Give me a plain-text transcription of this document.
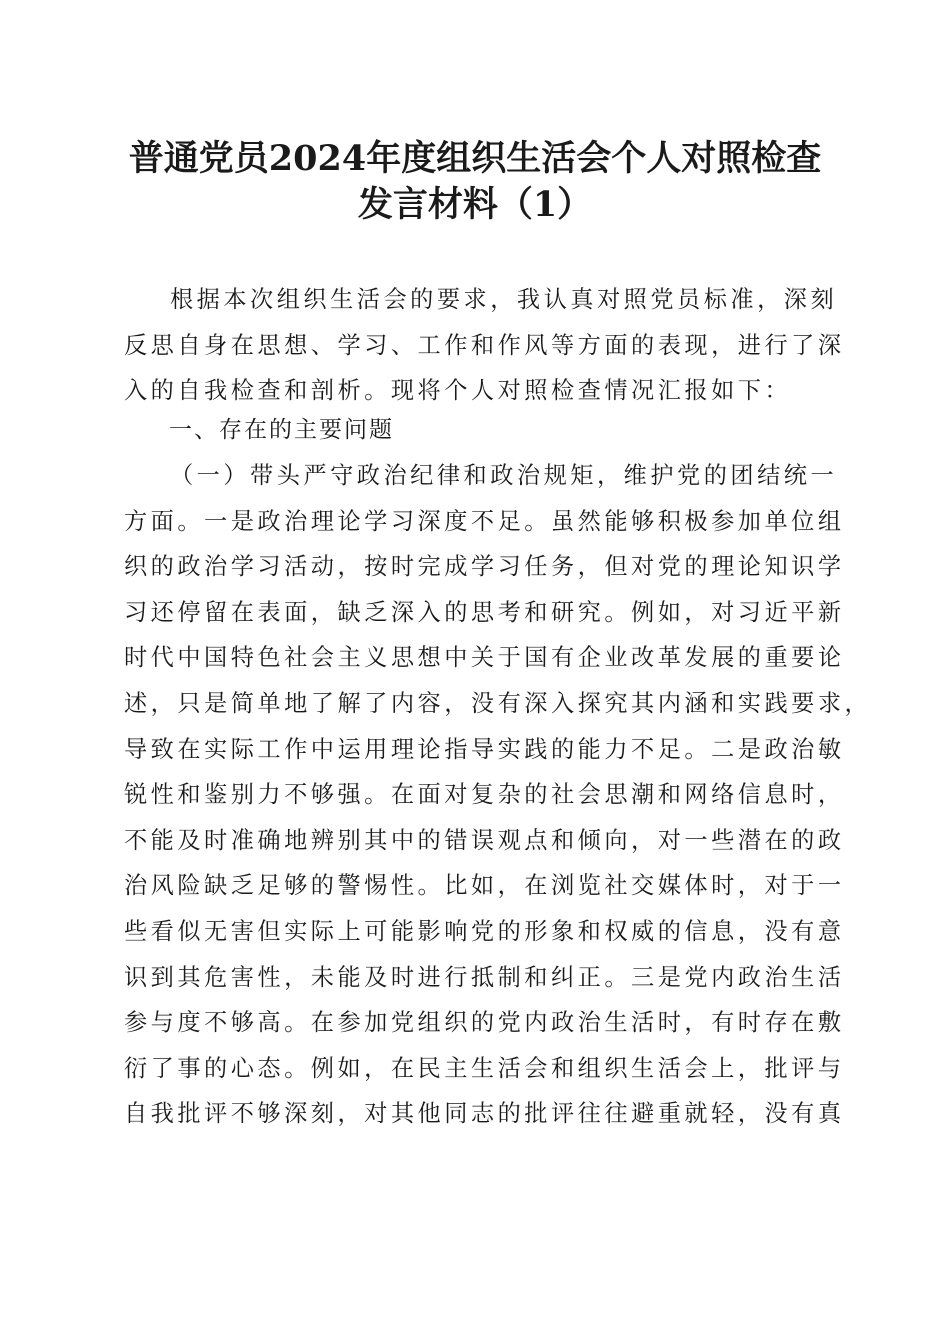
普通党员2024年度组织生活会个人对照检查
发言材料（1）
根据本次组织生活会的要求，我认真对照党员标准，深刻
反思自身在思想、学习、工作和作风等方面的表现，进行了深
入的自我检查和剖析。现将个人对照检查情况汇报如下：
一、存在的主要问题
（一）带头严守政治纪律和政治规矩，维护党的团结统一
方面。一是政治理论学习深度不足。虽然能够积极参加单位组
织的政治学习活动，按时完成学习任务，但对党的理论知识学
习还停留在表面，缺乏深入的思考和研究。例如，对习近平新
时代中国特色社会主义思想中关于国有企业改革发展的重要论
述，只是简单地了解了内容，没有深入探究其内涵和实践要求，
导致在实际工作中运用理论指导实践的能力不足。二是政治敏
锐性和鉴别力不够强。在面对复杂的社会思潮和网络信息时，
不能及时准确地辨别其中的错误观点和倾向，对一些潜在的政
治风险缺乏足够的警惕性。比如，在浏览社交媒体时，对于一
些看似无害但实际上可能影响党的形象和权威的信息，没有意
识到其危害性，未能及时进行抵制和纠正。三是党内政治生活
参与度不够高。在参加党组织的党内政治生活时，有时存在敷
衍了事的心态。例如，在民主生活会和组织生活会上，批评与
自我批评不够深刻，对其他同志的批评往往避重就轻，没有真
